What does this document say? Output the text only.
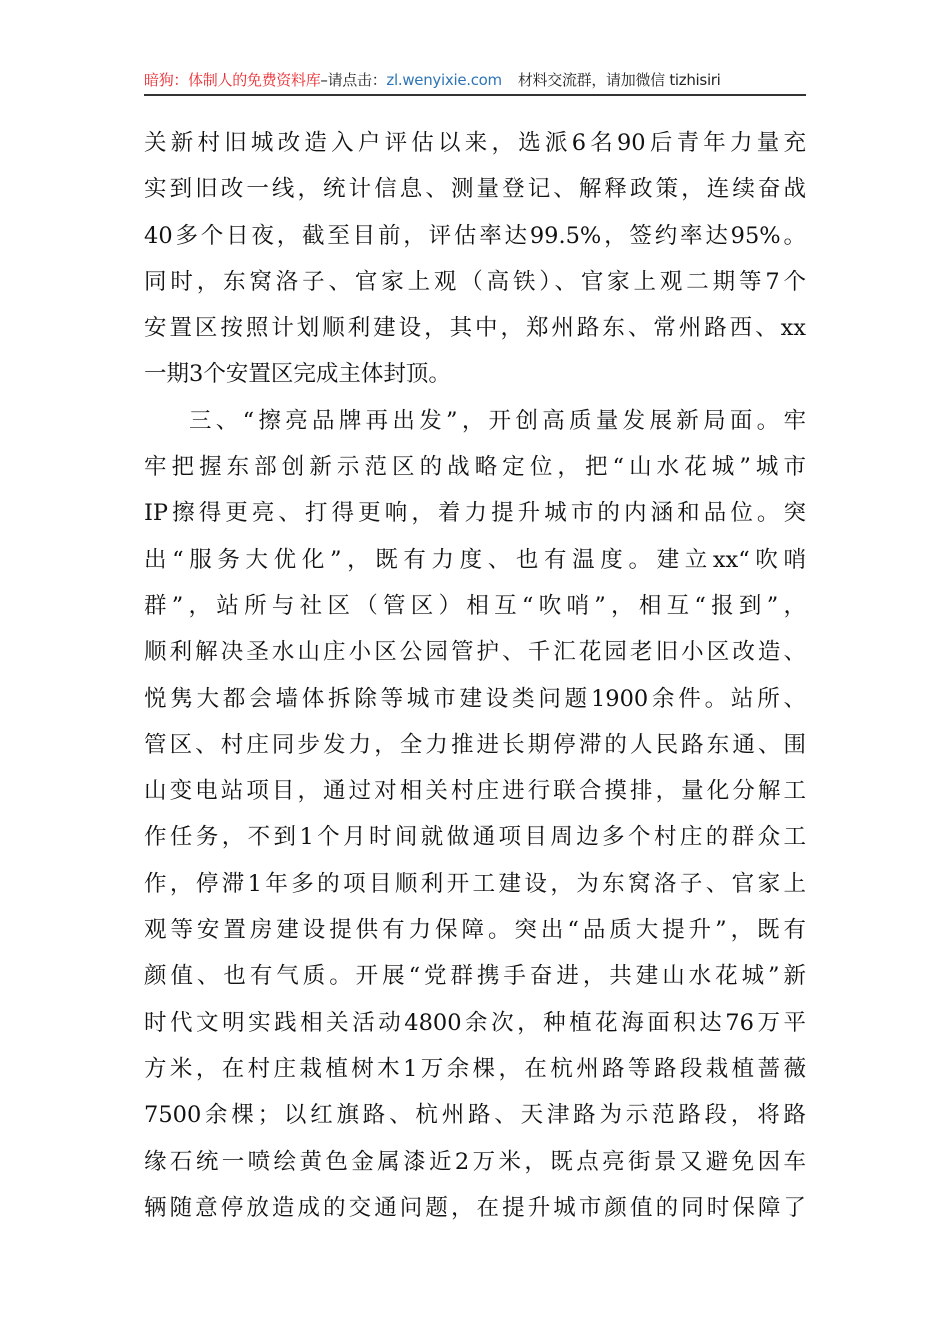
暗狗：体制人的免费资料库–请点击：zl.wenyixie.com 材料交流群，请加微信 tizhisiri
关新村旧城改造入户评估以来，选派6名90后青年力量充
实到旧改一线，统计信息、测量登记、解释政策，连续奋战
40多个日夜，截至目前，评估率达99.5%，签约率达95%。
同时，东窝洛子、官家上观（高铁）、官家上观二期等7个
安置区按照计划顺利建设，其中，郑州路东、常州路西、xx
一期3个安置区完成主体封顶。
三、“擦亮品牌再出发”，开创高质量发展新局面。牢
牢把握东部创新示范区的战略定位，把“山水花城”城市
IP擦得更亮、打得更响，着力提升城市的内涵和品位。突
出“服务大优化”，既有力度、也有温度。建立xx“吹哨
群”，站所与社区（管区）相互“吹哨”，相互“报到”，
顺利解决圣水山庄小区公园管护、千汇花园老旧小区改造、
悦隽大都会墙体拆除等城市建设类问题1900余件。站所、
管区、村庄同步发力，全力推进长期停滞的人民路东通、围
山变电站项目，通过对相关村庄进行联合摸排，量化分解工
作任务，不到1个月时间就做通项目周边多个村庄的群众工
作，停滞1年多的项目顺利开工建设，为东窝洛子、官家上
观等安置房建设提供有力保障。突出“品质大提升”，既有
颜值、也有气质。开展“党群携手奋进，共建山水花城”新
时代文明实践相关活动4800余次，种植花海面积达76万平
方米，在村庄栽植树木1万余棵，在杭州路等路段栽植蔷薇
7500余棵；以红旗路、杭州路、天津路为示范路段，将路
缘石统一喷绘黄色金属漆近2万米，既点亮街景又避免因车
辆随意停放造成的交通问题，在提升城市颜值的同时保障了
